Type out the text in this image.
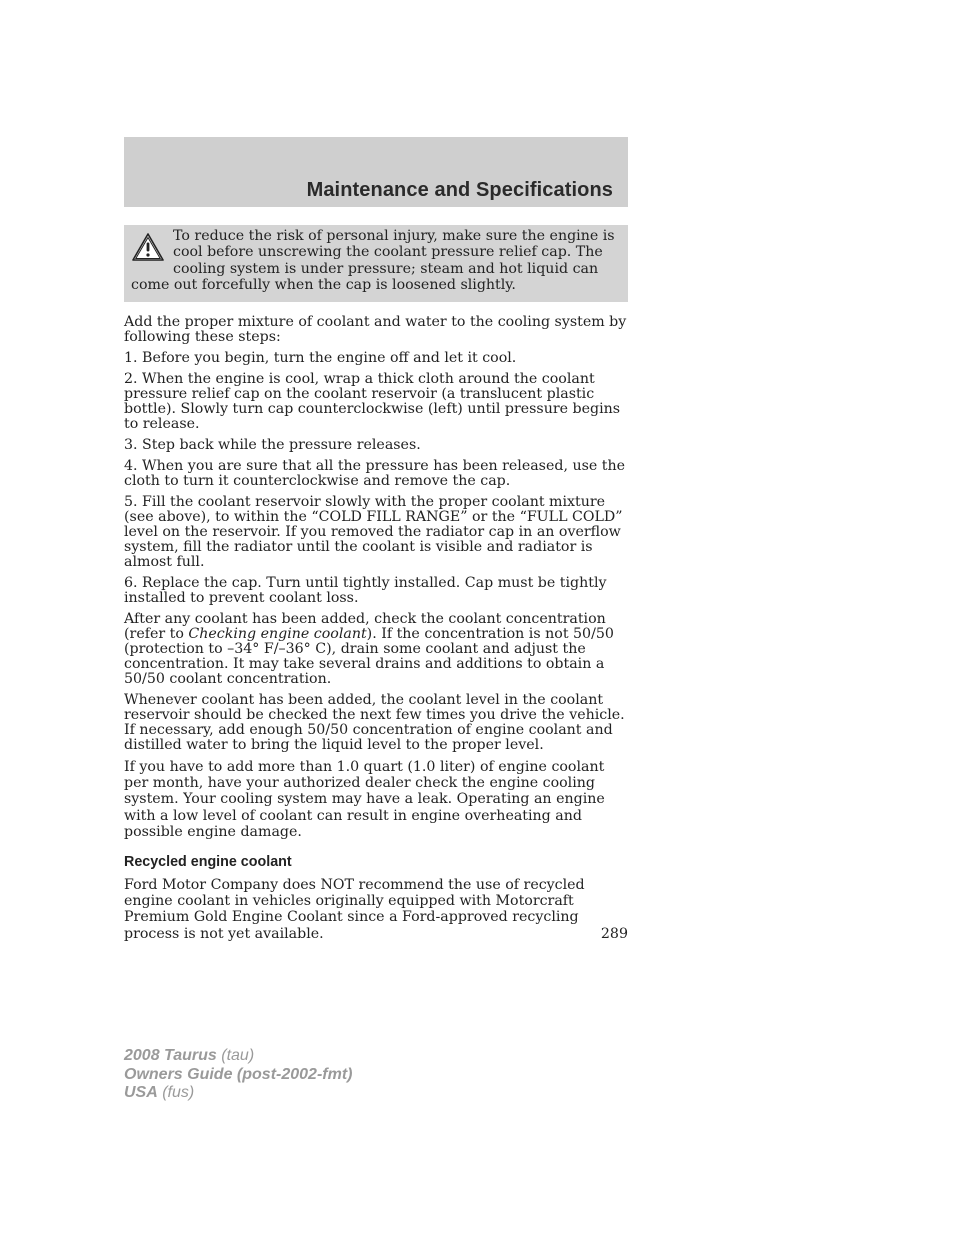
Maintenance and Specifications

To reduce the risk of personal injury, make sure the engine is cool before unscrewing the coolant pressure relief cap. The cooling system is under pressure; steam and hot liquid can come out forcefully when the cap is loosened slightly.

Add the proper mixture of coolant and water to the cooling system by following these steps:

1. Before you begin, turn the engine off and let it cool.

2. When the engine is cool, wrap a thick cloth around the coolant pressure relief cap on the coolant reservoir (a translucent plastic bottle). Slowly turn cap counterclockwise (left) until pressure begins to release.

3. Step back while the pressure releases.

4. When you are sure that all the pressure has been released, use the cloth to turn it counterclockwise and remove the cap.

5. Fill the coolant reservoir slowly with the proper coolant mixture (see above), to within the “COLD FILL RANGE” or the “FULL COLD” level on the reservoir. If you removed the radiator cap in an overflow system, fill the radiator until the coolant is visible and radiator is almost full.

6. Replace the cap. Turn until tightly installed. Cap must be tightly installed to prevent coolant loss.

After any coolant has been added, check the coolant concentration (refer to Checking engine coolant). If the concentration is not 50/50 (protection to –34° F/–36° C), drain some coolant and adjust the concentration. It may take several drains and additions to obtain a 50/50 coolant concentration.

Whenever coolant has been added, the coolant level in the coolant reservoir should be checked the next few times you drive the vehicle. If necessary, add enough 50/50 concentration of engine coolant and distilled water to bring the liquid level to the proper level.

If you have to add more than 1.0 quart (1.0 liter) of engine coolant per month, have your authorized dealer check the engine cooling system. Your cooling system may have a leak. Operating an engine with a low level of coolant can result in engine overheating and possible engine damage.

Recycled engine coolant

Ford Motor Company does NOT recommend the use of recycled engine coolant in vehicles originally equipped with Motorcraft Premium Gold Engine Coolant since a Ford-approved recycling process is not yet available.	289

2008 Taurus (tau)
Owners Guide (post-2002-fmt)
USA (fus)
